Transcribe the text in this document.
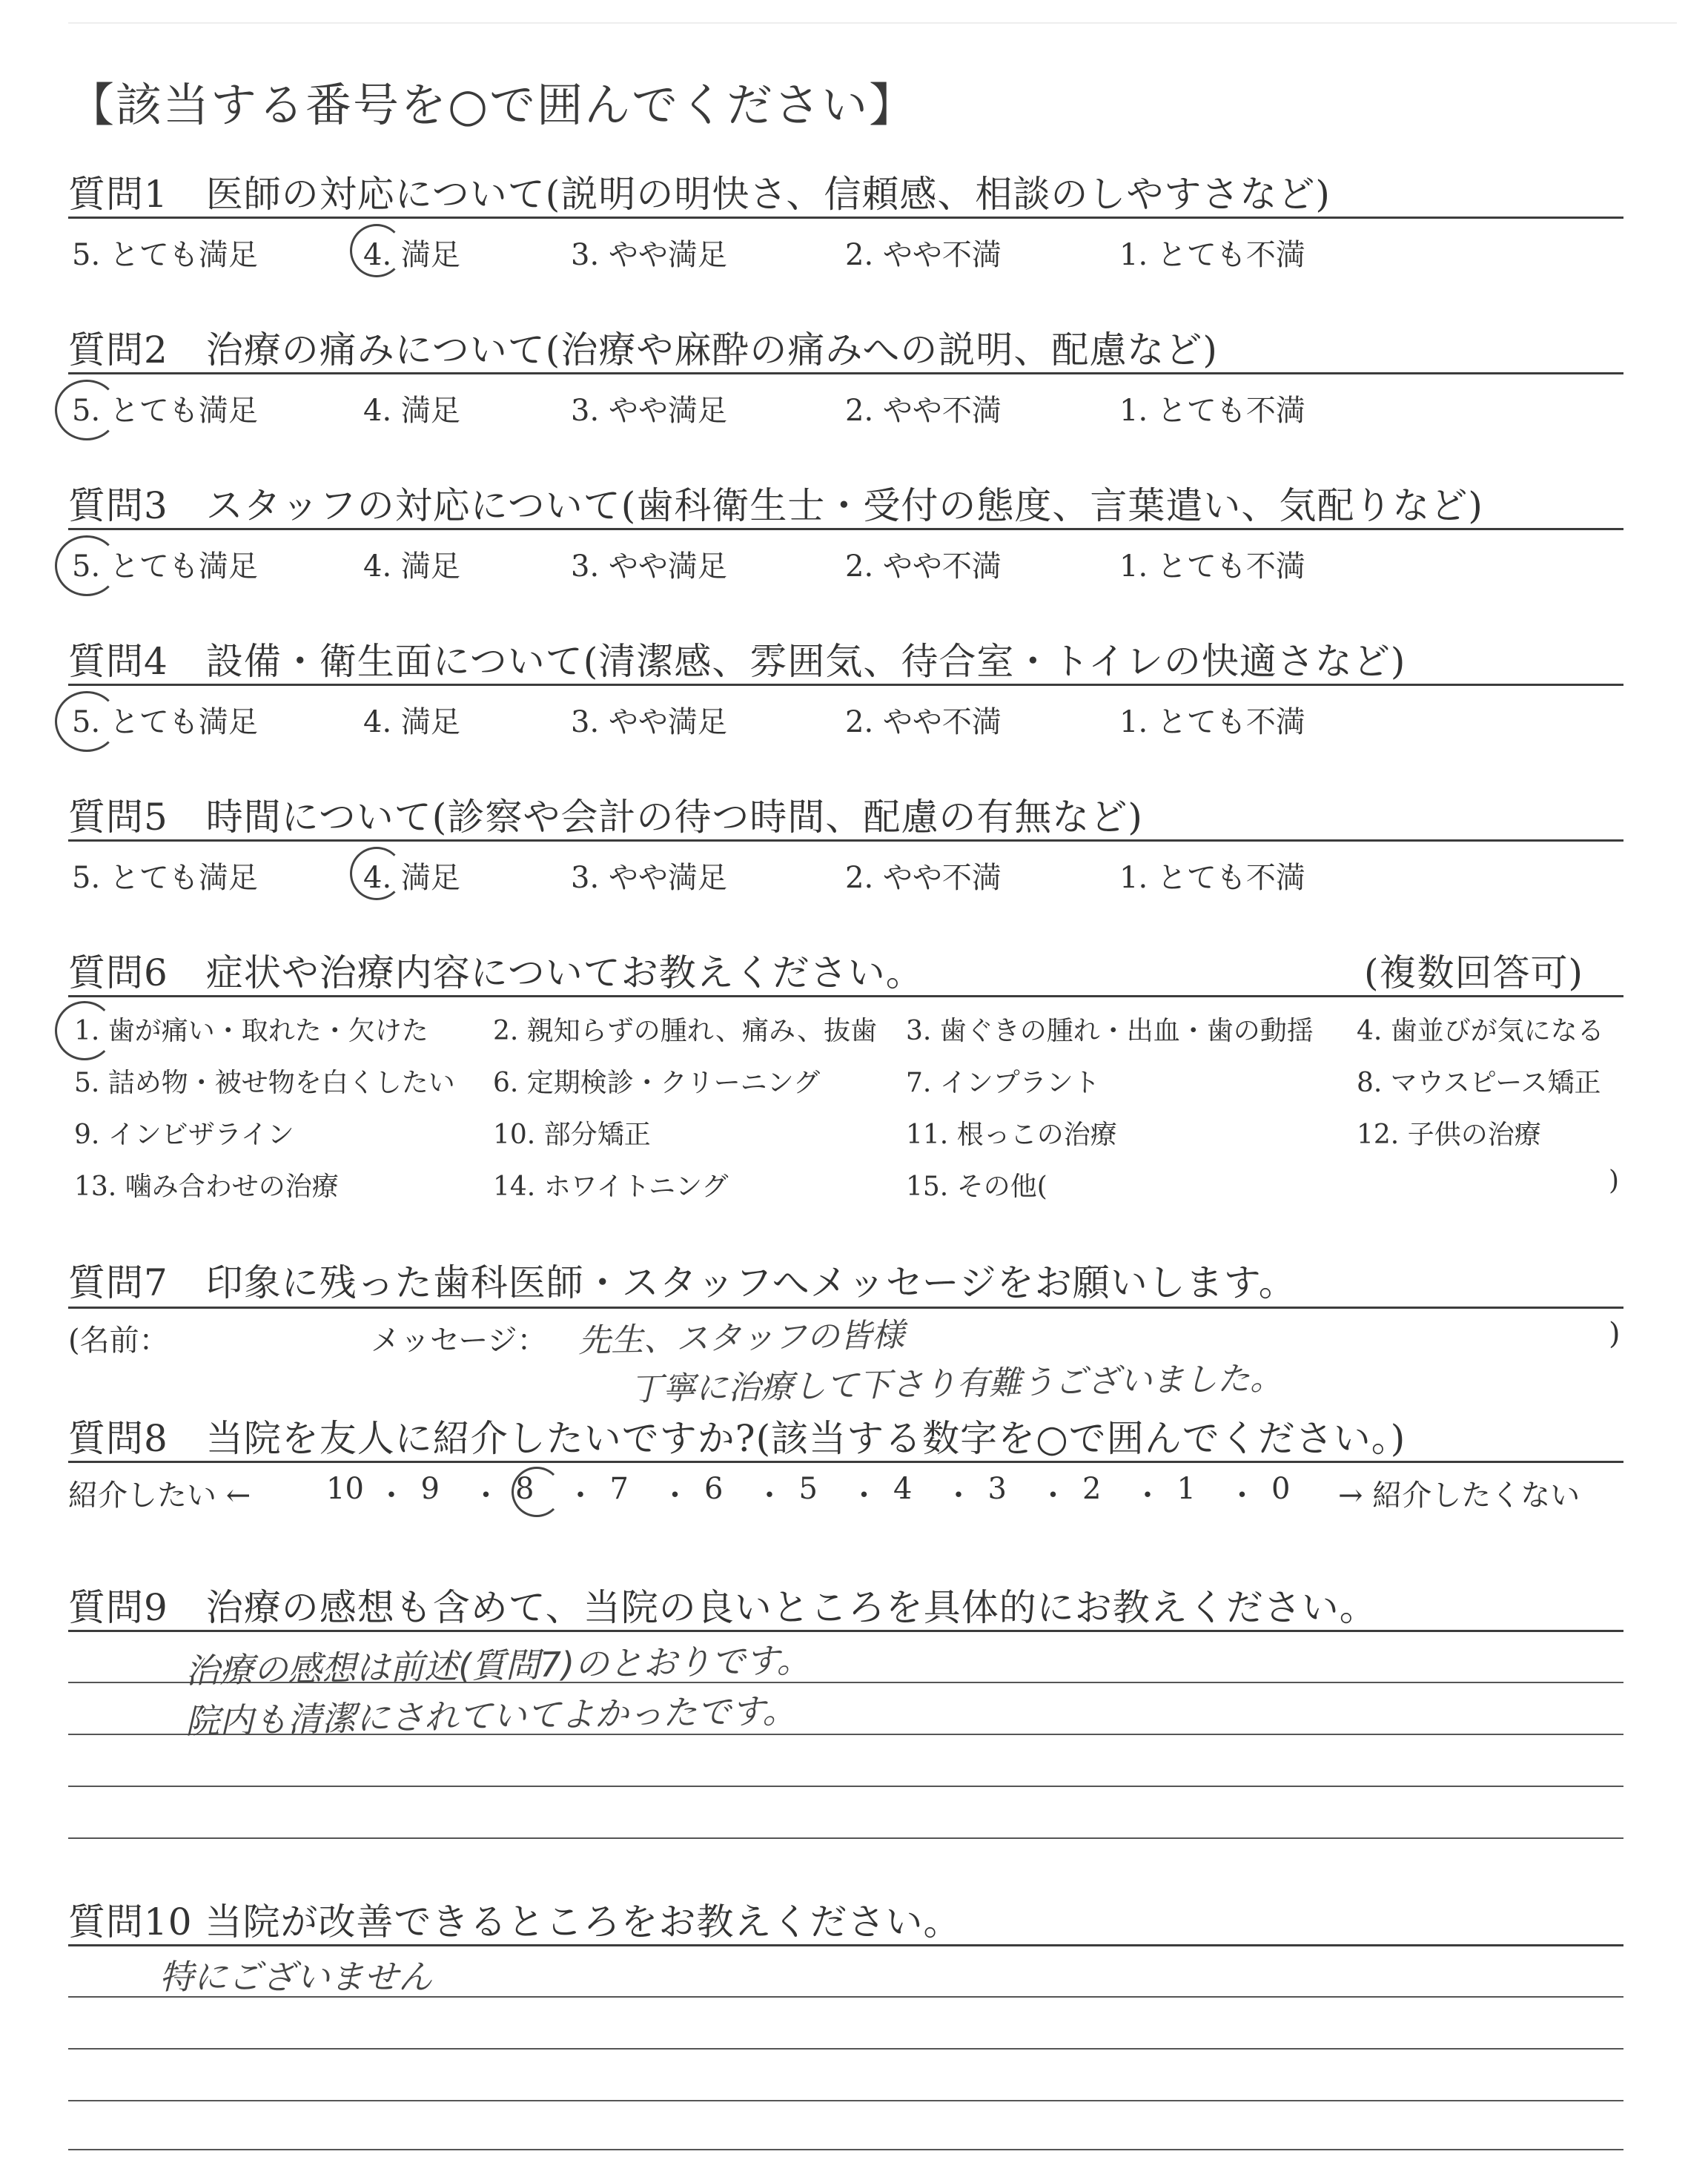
【該当する番号を○で囲んでください】
質問1　医師の対応について(説明の明快さ、信頼感、相談のしやすさなど)
5. とても満足	4. 満足	3. やや満足	2. やや不満	1. とても不満
質問2　治療の痛みについて(治療や麻酔の痛みへの説明、配慮など)
5. とても満足	4. 満足	3. やや満足	2. やや不満	1. とても不満
質問3　スタッフの対応について(歯科衛生士・受付の態度、言葉遣い、気配りなど)
5. とても満足	4. 満足	3. やや満足	2. やや不満	1. とても不満
質問4　設備・衛生面について(清潔感、雰囲気、待合室・トイレの快適さなど)
5. とても満足	4. 満足	3. やや満足	2. やや不満	1. とても不満
質問5　時間について(診察や会計の待つ時間、配慮の有無など)
5. とても満足	4. 満足	3. やや満足	2. やや不満	1. とても不満
質問6　症状や治療内容についてお教えください。	(複数回答可)
1. 歯が痛い・取れた・欠けた 2. 親知らずの腫れ、痛み、抜歯 3. 歯ぐきの腫れ・出血・歯の動揺 4. 歯並びが気になる
5. 詰め物・被せ物を白くしたい 6. 定期検診・クリーニング	7. インプラント	8. マウスピース矯正
9. インビザライン	10. 部分矯正	11. 根っこの治療	12. 子供の治療
13. 噛み合わせの治療	14. ホワイトニング	15. その他(	)
質問7　印象に残った歯科医師・スタッフへメッセージをお願いします。
(名前：	メッセージ：	)
先生、スタッフの皆様
丁寧に治療して下さり有難うございました。
質問8　当院を友人に紹介したいですか?(該当する数字を○で囲んでください。)
紹介したい ←	→ 紹介したくない
10 ・ 9 ・ 8 ・ 7 ・ 6 ・ 5 ・ 4 ・ 3 ・ 2 ・ 1 ・ 0
質問9　治療の感想も含めて、当院の良いところを具体的にお教えください。
治療の感想は前述(質問7)のとおりです。
院内も清潔にされていてよかったです。
質問10 当院が改善できるところをお教えください。
特にございません
